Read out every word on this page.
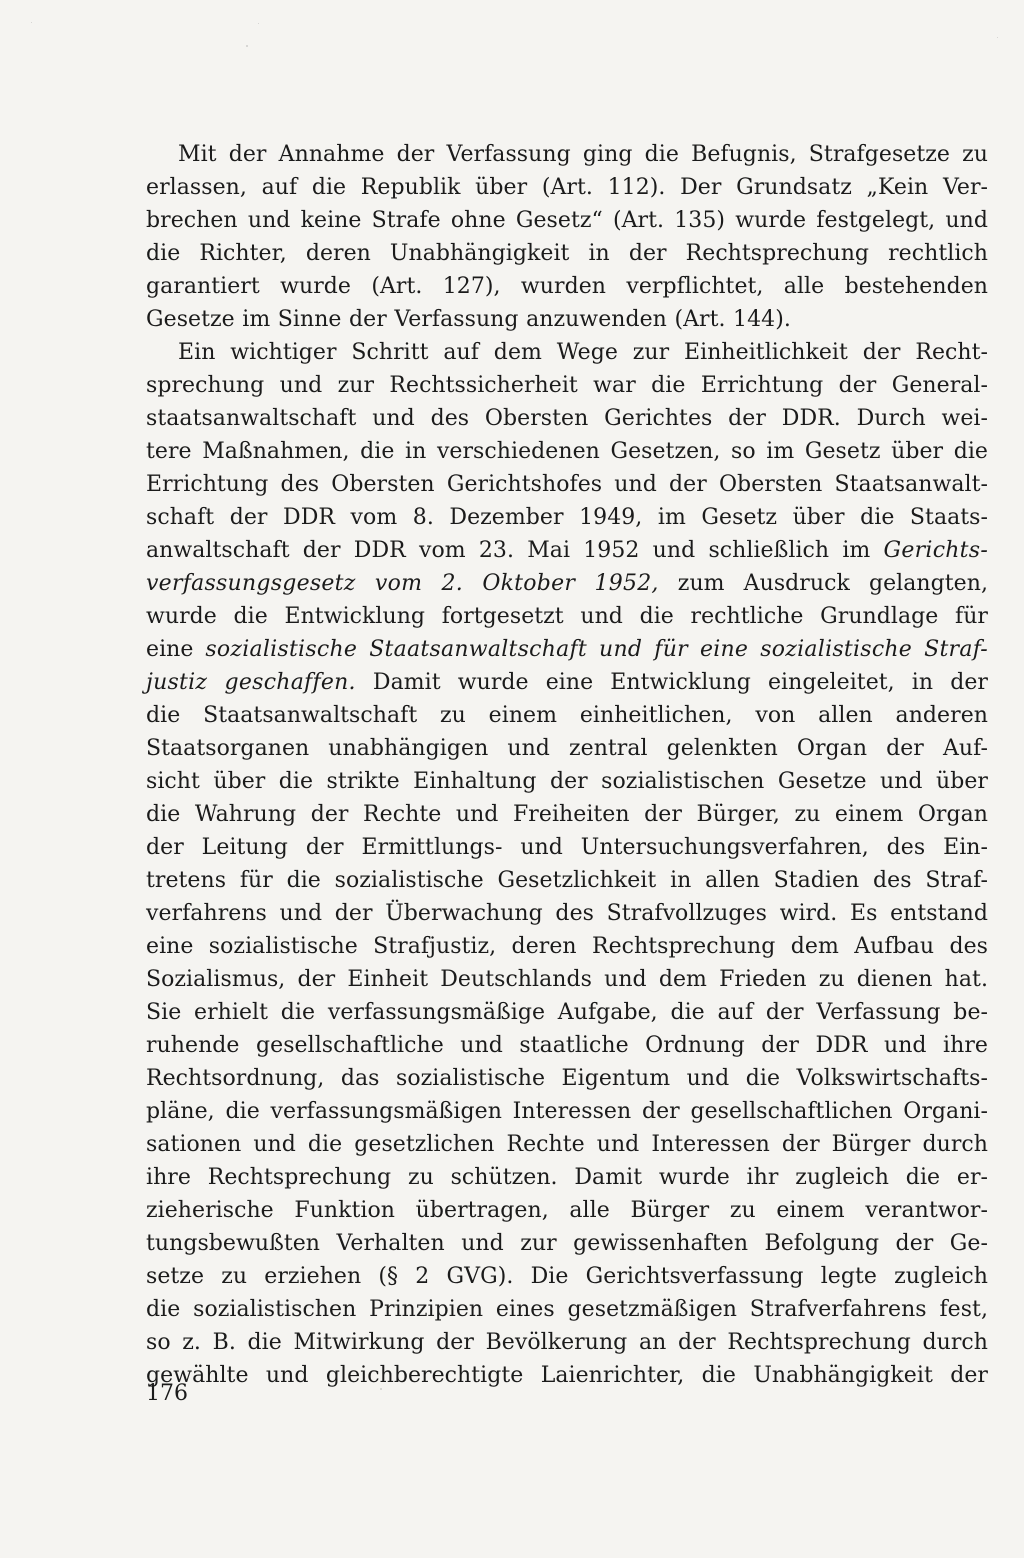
Mit der Annahme der Verfassung ging die Befugnis, Strafgesetze zu
erlassen, auf die Republik über (Art. 112). Der Grundsatz „Kein Ver-
brechen und keine Strafe ohne Gesetz“ (Art. 135) wurde festgelegt, und
die Richter, deren Unabhängigkeit in der Rechtsprechung rechtlich
garantiert wurde (Art. 127), wurden verpflichtet, alle bestehenden
Gesetze im Sinne der Verfassung anzuwenden (Art. 144).
Ein wichtiger Schritt auf dem Wege zur Einheitlichkeit der Recht-
sprechung und zur Rechtssicherheit war die Errichtung der General-
staatsanwaltschaft und des Obersten Gerichtes der DDR. Durch wei-
tere Maßnahmen, die in verschiedenen Gesetzen, so im Gesetz über die
Errichtung des Obersten Gerichtshofes und der Obersten Staatsanwalt-
schaft der DDR vom 8. Dezember 1949, im Gesetz über die Staats-
anwaltschaft der DDR vom 23. Mai 1952 und schließlich im Gerichts-
verfassungsgesetz vom 2. Oktober 1952, zum Ausdruck gelangten,
wurde die Entwicklung fortgesetzt und die rechtliche Grundlage für
eine sozialistische Staatsanwaltschaft und für eine sozialistische Straf-
justiz geschaffen. Damit wurde eine Entwicklung eingeleitet, in der
die Staatsanwaltschaft zu einem einheitlichen, von allen anderen
Staatsorganen unabhängigen und zentral gelenkten Organ der Auf-
sicht über die strikte Einhaltung der sozialistischen Gesetze und über
die Wahrung der Rechte und Freiheiten der Bürger, zu einem Organ
der Leitung der Ermittlungs- und Untersuchungsverfahren, des Ein-
tretens für die sozialistische Gesetzlichkeit in allen Stadien des Straf-
verfahrens und der Überwachung des Strafvollzuges wird. Es entstand
eine sozialistische Strafjustiz, deren Rechtsprechung dem Aufbau des
Sozialismus, der Einheit Deutschlands und dem Frieden zu dienen hat.
Sie erhielt die verfassungsmäßige Aufgabe, die auf der Verfassung be-
ruhende gesellschaftliche und staatliche Ordnung der DDR und ihre
Rechtsordnung, das sozialistische Eigentum und die Volkswirtschafts-
pläne, die verfassungsmäßigen Interessen der gesellschaftlichen Organi-
sationen und die gesetzlichen Rechte und Interessen der Bürger durch
ihre Rechtsprechung zu schützen. Damit wurde ihr zugleich die er-
zieherische Funktion übertragen, alle Bürger zu einem verantwor-
tungsbewußten Verhalten und zur gewissenhaften Befolgung der Ge-
setze zu erziehen (§ 2 GVG). Die Gerichtsverfassung legte zugleich
die sozialistischen Prinzipien eines gesetzmäßigen Strafverfahrens fest,
so z. B. die Mitwirkung der Bevölkerung an der Rechtsprechung durch
gewählte und gleichberechtigte Laienrichter, die Unabhängigkeit der
176
